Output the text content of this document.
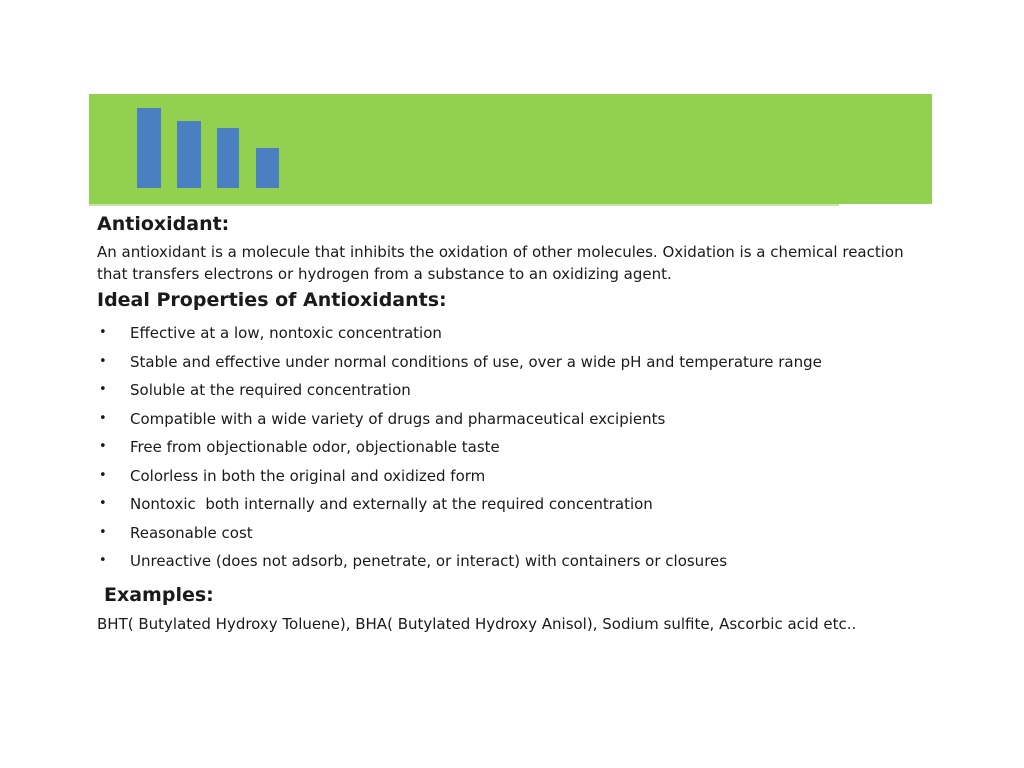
Antioxidant:

An antioxidant is a molecule that inhibits the oxidation of other molecules. Oxidation is a chemical reaction that transfers electrons or hydrogen from a substance to an oxidizing agent.

Ideal Properties of Antioxidants:
• Effective at a low, nontoxic concentration
• Stable and effective under normal conditions of use, over a wide pH and temperature range
• Soluble at the required concentration
• Compatible with a wide variety of drugs and pharmaceutical excipients
• Free from objectionable odor, objectionable taste
• Colorless in both the original and oxidized form
• Nontoxic  both internally and externally at the required concentration
• Reasonable cost
• Unreactive (does not adsorb, penetrate, or interact) with containers or closures
Examples:

BHT( Butylated Hydroxy Toluene), BHA( Butylated Hydroxy Anisol), Sodium sulfite, Ascorbic acid etc..
